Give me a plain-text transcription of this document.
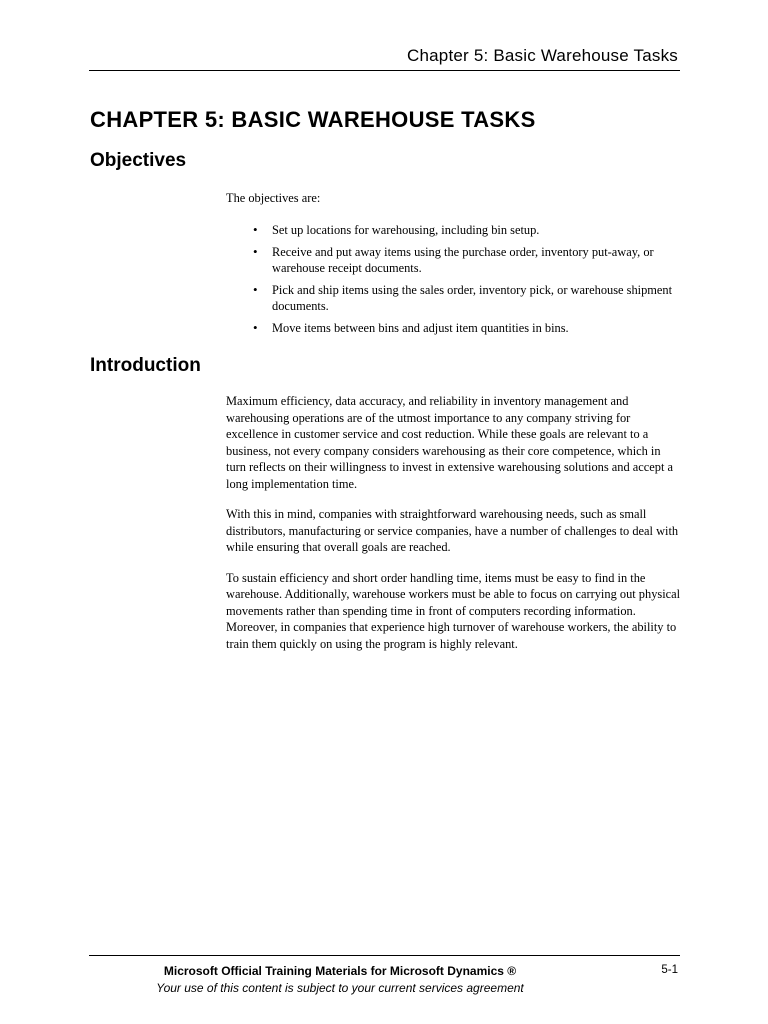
Chapter 5: Basic Warehouse Tasks
CHAPTER 5: BASIC WAREHOUSE TASKS
Objectives

The objectives are:

• Set up locations for warehousing, including bin setup.
• Receive and put away items using the purchase order, inventory put-away, or warehouse receipt documents.
• Pick and ship items using the sales order, inventory pick, or warehouse shipment documents.
• Move items between bins and adjust item quantities in bins.
Introduction

Maximum efficiency, data accuracy, and reliability in inventory management and warehousing operations are of the utmost importance to any company striving for excellence in customer service and cost reduction. While these goals are relevant to a business, not every company considers warehousing as their core competence, which in turn reflects on their willingness to invest in extensive warehousing solutions and accept a long implementation time.

With this in mind, companies with straightforward warehousing needs, such as small distributors, manufacturing or service companies, have a number of challenges to deal with while ensuring that overall goals are reached.

To sustain efficiency and short order handling time, items must be easy to find in the warehouse. Additionally, warehouse workers must be able to focus on carrying out physical movements rather than spending time in front of computers recording information. Moreover, in companies that experience high turnover of warehouse workers, the ability to train them quickly on using the program is highly relevant.

Microsoft Official Training Materials for Microsoft Dynamics ®
Your use of this content is subject to your current services agreement
5-1
